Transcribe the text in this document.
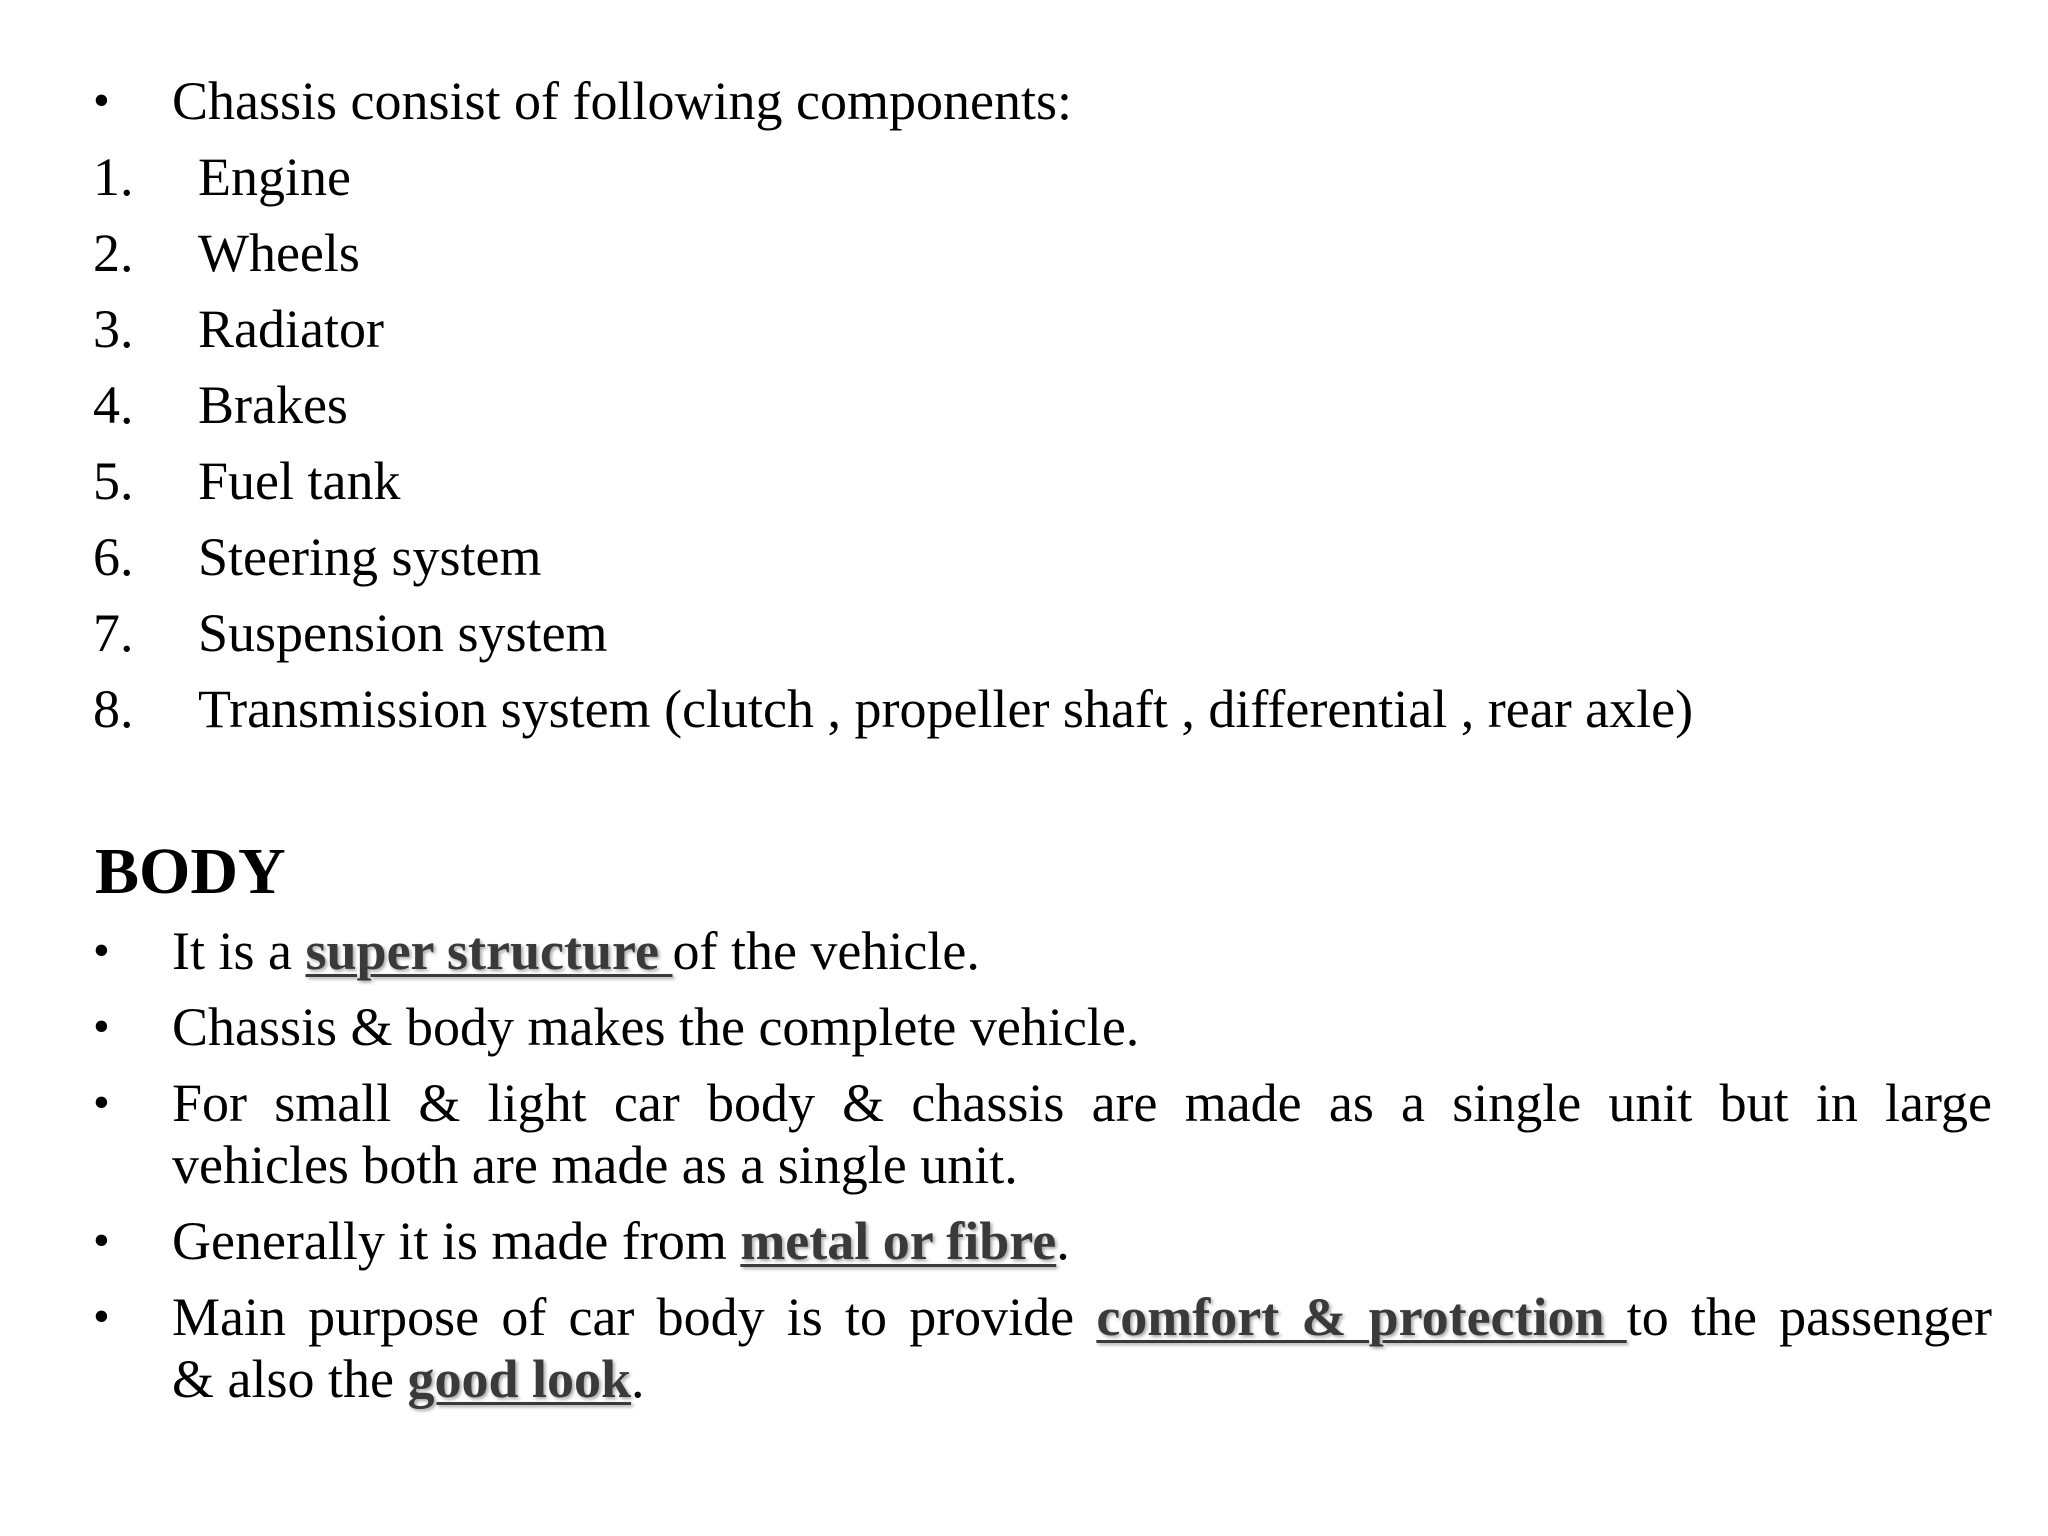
• Chassis consist of following components:
1. Engine
2. Wheels
3. Radiator
4. Brakes
5. Fuel tank
6. Steering system
7. Suspension system
8. Transmission system (clutch , propeller shaft , differential , rear axle)
BODY
• It is a super structure of the vehicle.
• Chassis & body makes the complete vehicle.
• For small & light car body & chassis are made as a single unit but in large
vehicles both are made as a single unit.
• Generally it is made from metal or fibre.
• Main purpose of car body is to provide comfort & protection to the passenger
& also the good look.
